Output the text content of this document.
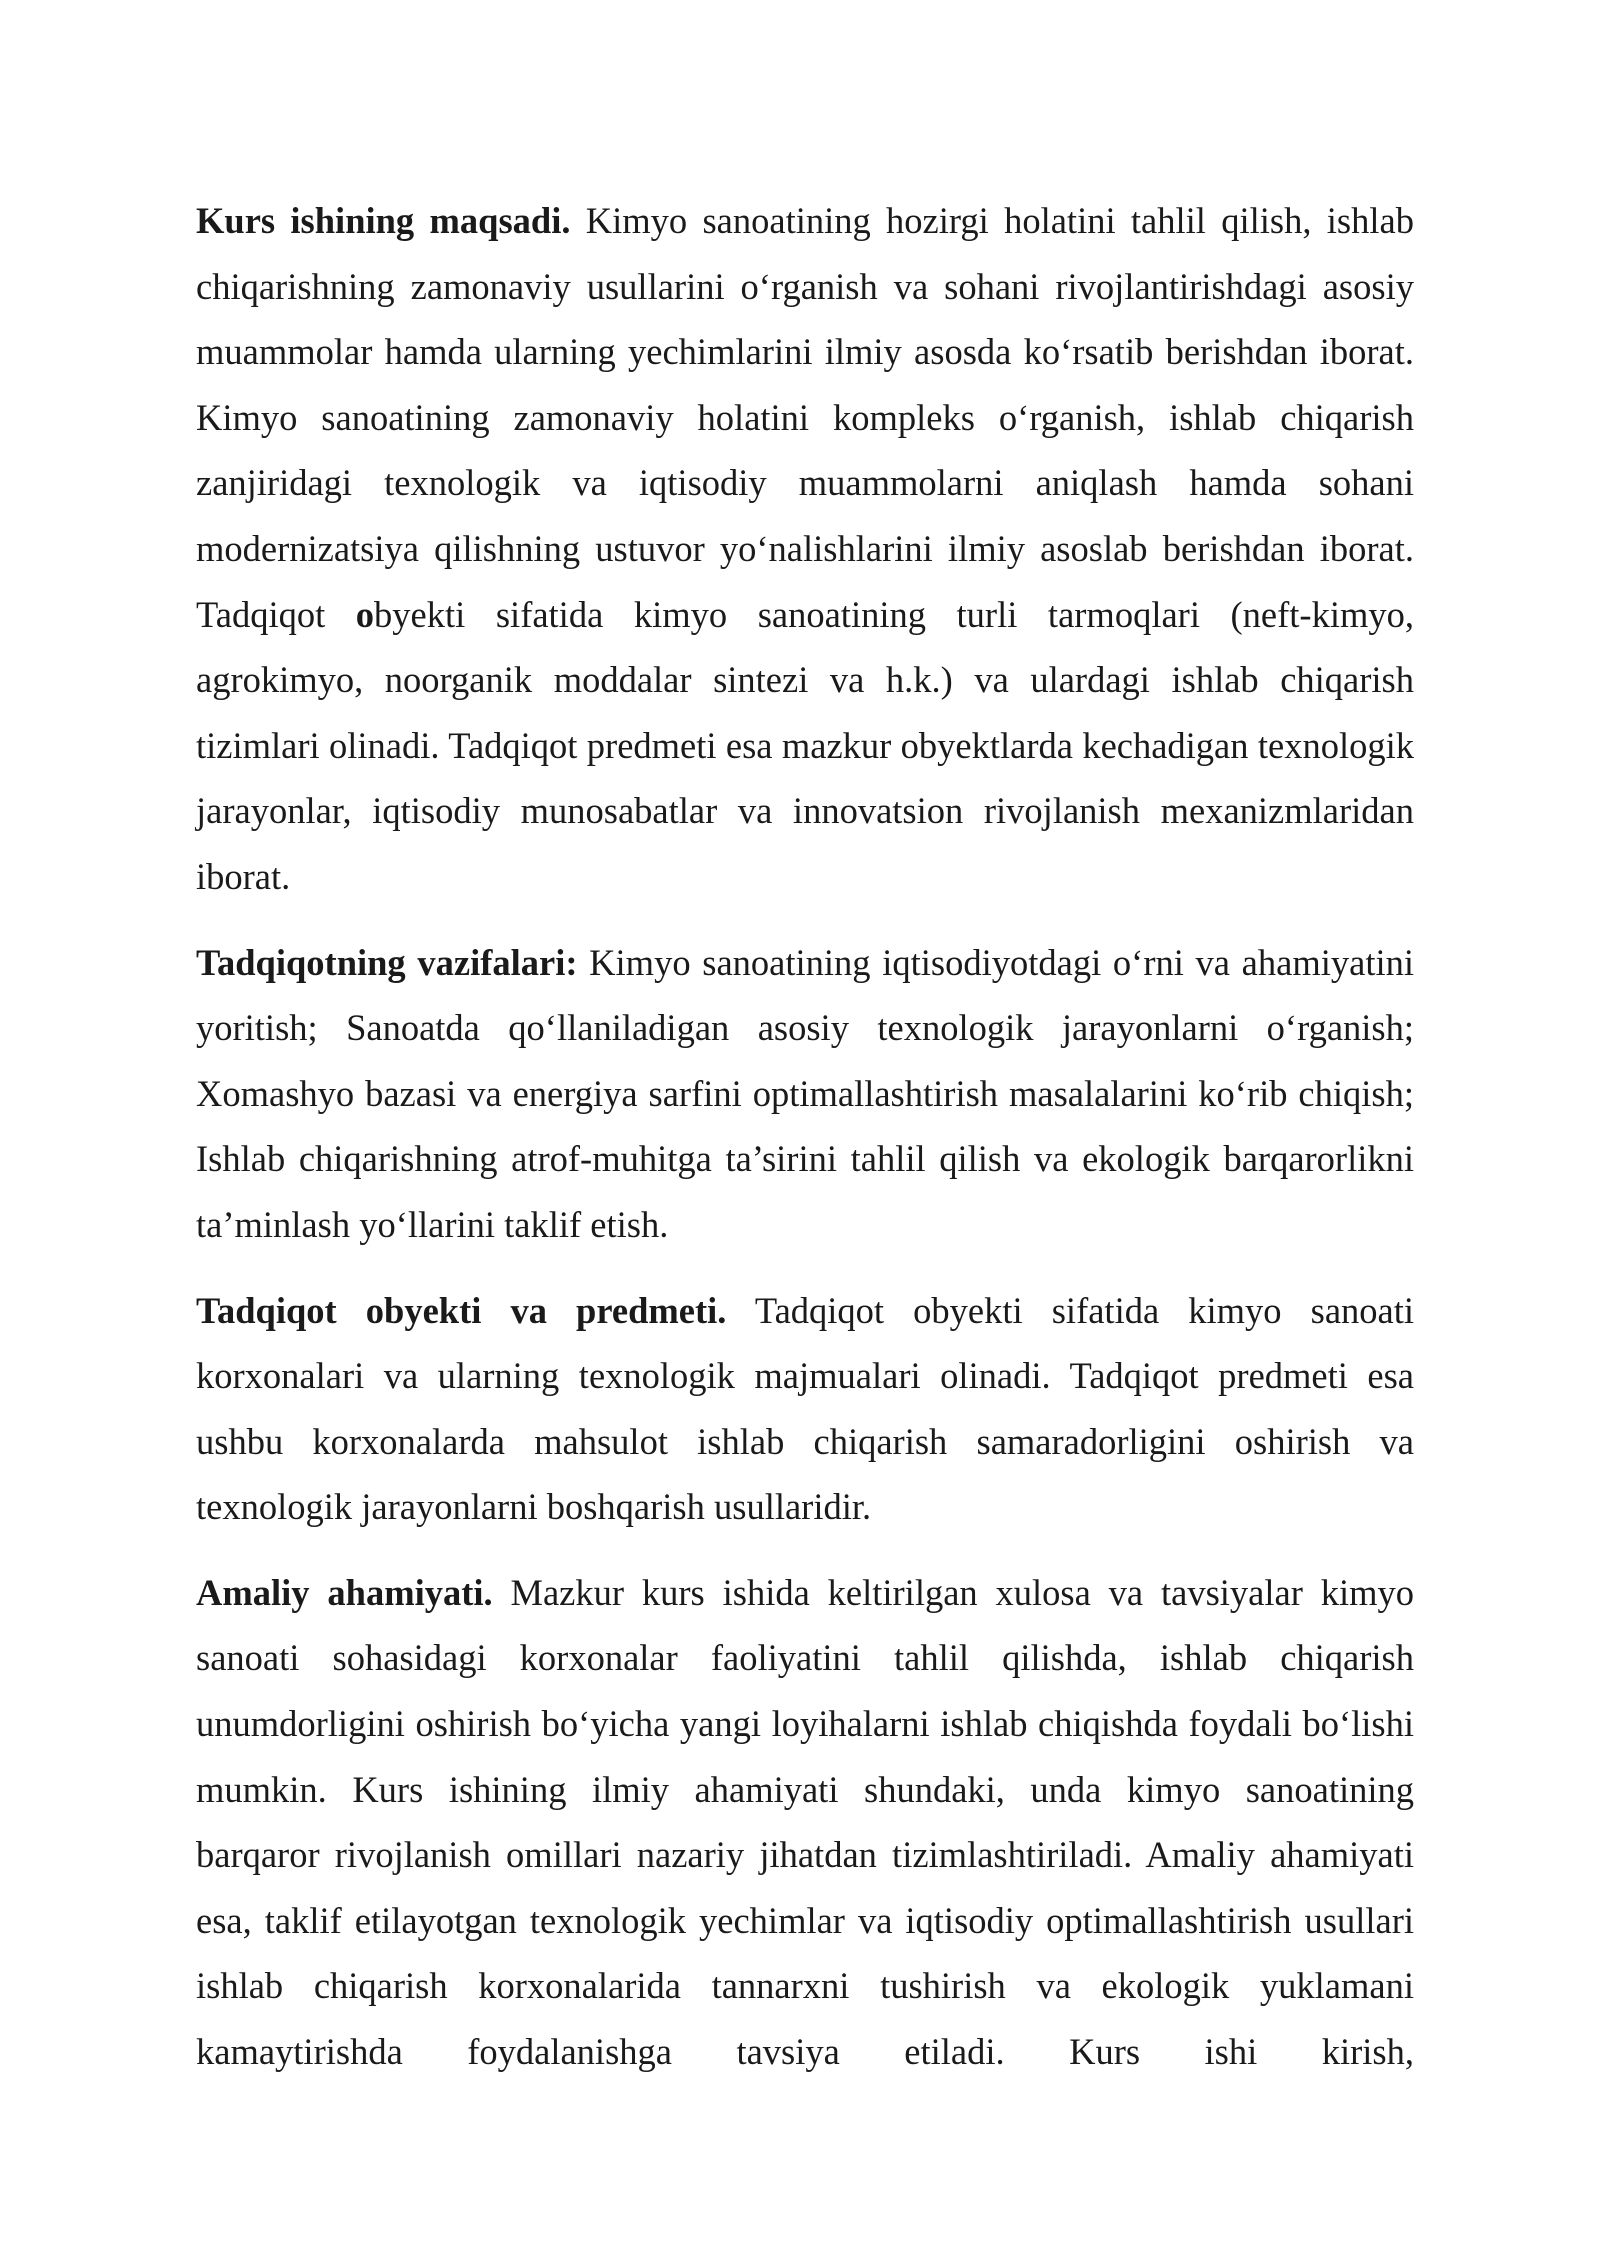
Kurs ishining maqsadi. Kimyo sanoatining hozirgi holatini tahlil qilish, ishlab chiqarishning zamonaviy usullarini o‘rganish va sohani rivojlantirishdagi asosiy muammolar hamda ularning yechimlarini ilmiy asosda ko‘rsatib berishdan iborat. Kimyo sanoatining zamonaviy holatini kompleks o‘rganish, ishlab chiqarish zanjiridagi texnologik va iqtisodiy muammolarni aniqlash hamda sohani modernizatsiya qilishning ustuvor yo‘nalishlarini ilmiy asoslab berishdan iborat. Tadqiqot obyekti sifatida kimyo sanoatining turli tarmoqlari (neft-kimyo, agrokimyo, noorganik moddalar sintezi va h.k.) va ulardagi ishlab chiqarish tizimlari olinadi. Tadqiqot predmeti esa mazkur obyektlarda kechadigan texnologik jarayonlar, iqtisodiy munosabatlar va innovatsion rivojlanish mexanizmlaridan iborat.

Tadqiqotning vazifalari: Kimyo sanoatining iqtisodiyotdagi o‘rni va ahamiyatini yoritish; Sanoatda qo‘llaniladigan asosiy texnologik jarayonlarni o‘rganish; Xomashyo bazasi va energiya sarfini optimallashtirish masalalarini ko‘rib chiqish; Ishlab chiqarishning atrof-muhitga ta’sirini tahlil qilish va ekologik barqarorlikni ta’minlash yo‘llarini taklif etish.

Tadqiqot obyekti va predmeti. Tadqiqot obyekti sifatida kimyo sanoati korxonalari va ularning texnologik majmualari olinadi. Tadqiqot predmeti esa ushbu korxonalarda mahsulot ishlab chiqarish samaradorligini oshirish va texnologik jarayonlarni boshqarish usullaridir.

Amaliy ahamiyati. Mazkur kurs ishida keltirilgan xulosa va tavsiyalar kimyo sanoati sohasidagi korxonalar faoliyatini tahlil qilishda, ishlab chiqarish unumdorligini oshirish bo‘yicha yangi loyihalarni ishlab chiqishda foydali bo‘lishi mumkin. Kurs ishining ilmiy ahamiyati shundaki, unda kimyo sanoatining barqaror rivojlanish omillari nazariy jihatdan tizimlashtiriladi. Amaliy ahamiyati esa, taklif etilayotgan texnologik yechimlar va iqtisodiy optimallashtirish usullari ishlab chiqarish korxonalarida tannarxni tushirish va ekologik yuklamani kamaytirishda foydalanishga tavsiya etiladi. Kurs ishi kirish,
